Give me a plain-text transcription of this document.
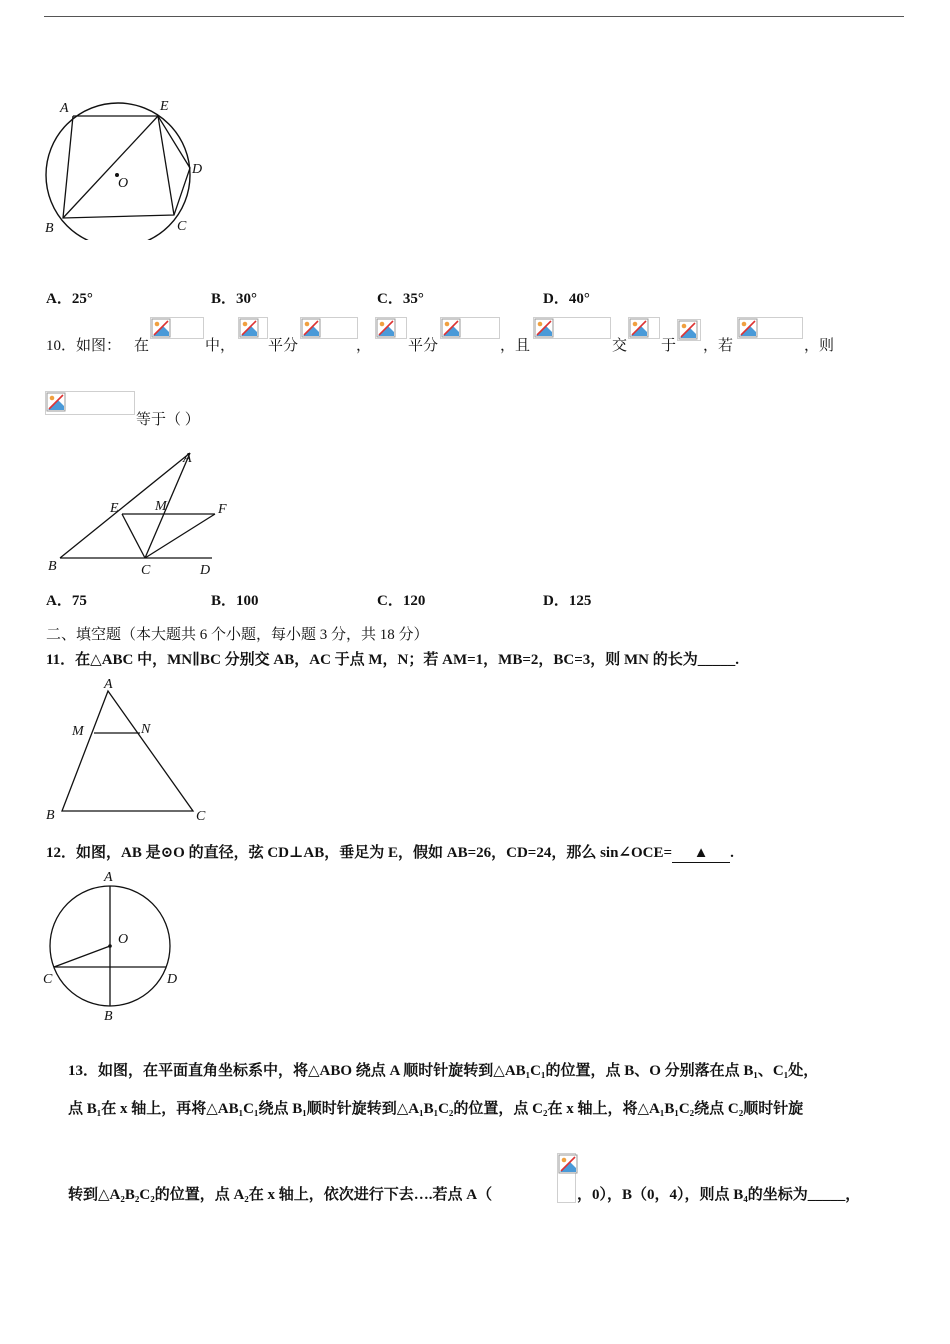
A	E
D
O
B	C
A．25°	B．30°	C．35°	D．40°
10．如图： 在	中， 平分	， 平分	，且	交 于 ，若	，则
等于（ ）
A
E	M	F
B	C	D
A．75	B．100	C．120	D．125
二、填空题（本大题共 6 个小题，每小题 3 分，共 18 分）
11．在△ABC 中，MN∥BC 分别交 AB，AC 于点 M，N；若 AM=1，MB=2，BC=3，则 MN 的长为_____.
A
M	N
B	C
12．如图，AB 是⊙O 的直径，弦 CD⊥AB，垂足为 E，假如 AB=26，CD=24，那么 sin∠OCE= ▲ .
A
O
C	D
B
13．如图，在平面直角坐标系中，将△ABO 绕点 A 顺时针旋转到△AB₁C₁的位置，点 B、O 分别落在点 B₁、C₁处，
点 B₁在 x 轴上，再将△AB₁C₁绕点 B₁顺时针旋转到△A₁B₁C₂的位置，点 C₂在 x 轴上，将△A₁B₁C₂绕点 C₂顺时针旋
转到△A₂B₂C₂的位置，点 A₂在 x 轴上，依次进行下去….若点 A（	，0），B（0，4），则点 B₄的坐标为_____，
